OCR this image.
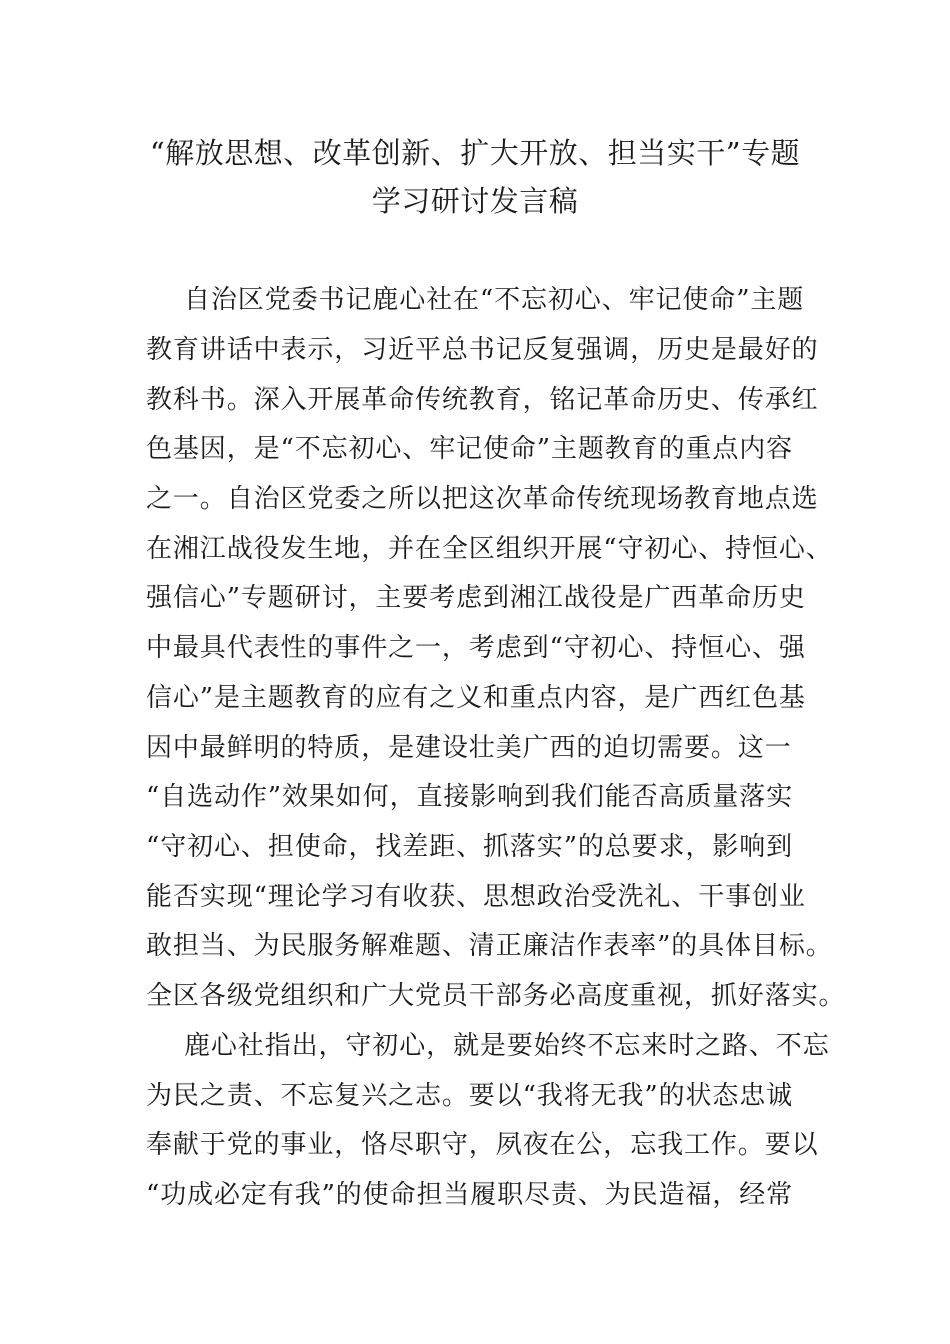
“解放思想、改革创新、扩大开放、担当实干”专题
学习研讨发言稿
自治区党委书记鹿心社在“不忘初心、牢记使命”主题
教育讲话中表示，习近平总书记反复强调，历史是最好的
教科书。深入开展革命传统教育，铭记革命历史、传承红
色基因，是“不忘初心、牢记使命”主题教育的重点内容
之一。自治区党委之所以把这次革命传统现场教育地点选
在湘江战役发生地，并在全区组织开展“守初心、持恒心、
强信心”专题研讨，主要考虑到湘江战役是广西革命历史
中最具代表性的事件之一，考虑到“守初心、持恒心、强
信心”是主题教育的应有之义和重点内容，是广西红色基
因中最鲜明的特质，是建设壮美广西的迫切需要。这一
“自选动作”效果如何，直接影响到我们能否高质量落实
“守初心、担使命，找差距、抓落实”的总要求，影响到
能否实现“理论学习有收获、思想政治受洗礼、干事创业
敢担当、为民服务解难题、清正廉洁作表率”的具体目标。
全区各级党组织和广大党员干部务必高度重视，抓好落实。
鹿心社指出，守初心，就是要始终不忘来时之路、不忘
为民之责、不忘复兴之志。要以“我将无我”的状态忠诚
奉献于党的事业，恪尽职守，夙夜在公，忘我工作。要以
“功成必定有我”的使命担当履职尽责、为民造福，经常
